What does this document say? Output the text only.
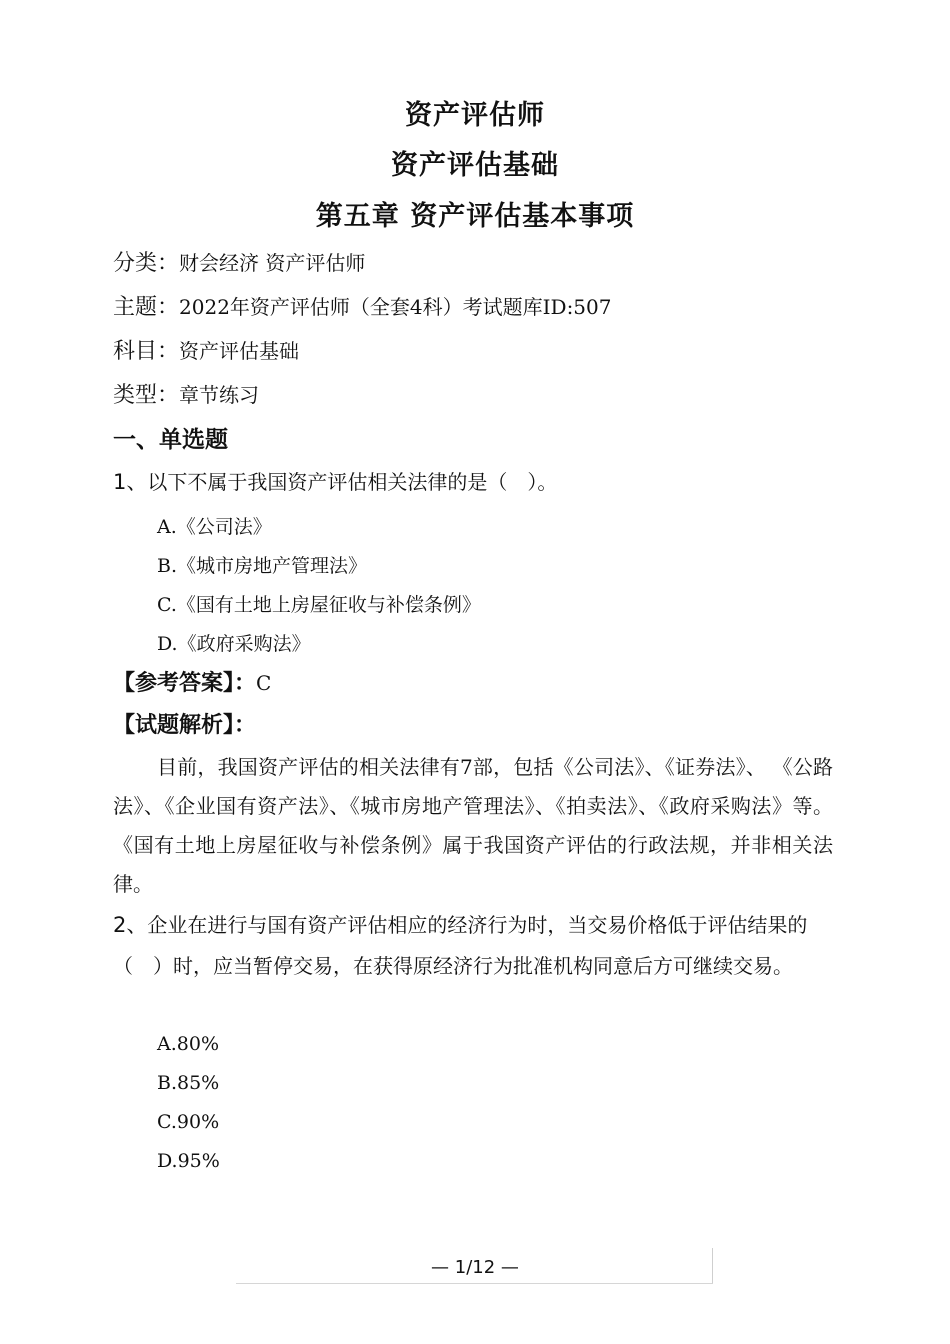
资产评估师
资产评估基础
第五章 资产评估基本事项
分类：财会经济 资产评估师
主题：2022年资产评估师（全套4科）考试题库ID:507
科目：资产评估基础
类型：章节练习
一、单选题
1、以下不属于我国资产评估相关法律的是（　）。
A.《公司法》
B.《城市房地产管理法》
C.《国有土地上房屋征收与补偿条例》
D.《政府采购法》
【参考答案】：C
【试题解析】：
目前，我国资产评估的相关法律有7部，包括《公司法》、《证券法》、 《公路法》、《企业国有资产法》、《城市房地产管理法》、《拍卖法》、《政府采购法》等。《国有土地上房屋征收与补偿条例》属于我国资产评估的行政法规，并非相关法律。
2、企业在进行与国有资产评估相应的经济行为时，当交易价格低于评估结果的（　）时，应当暂停交易，在获得原经济行为批准机构同意后方可继续交易。
A.80%
B.85%
C.90%
D.95%
— 1/12 —
